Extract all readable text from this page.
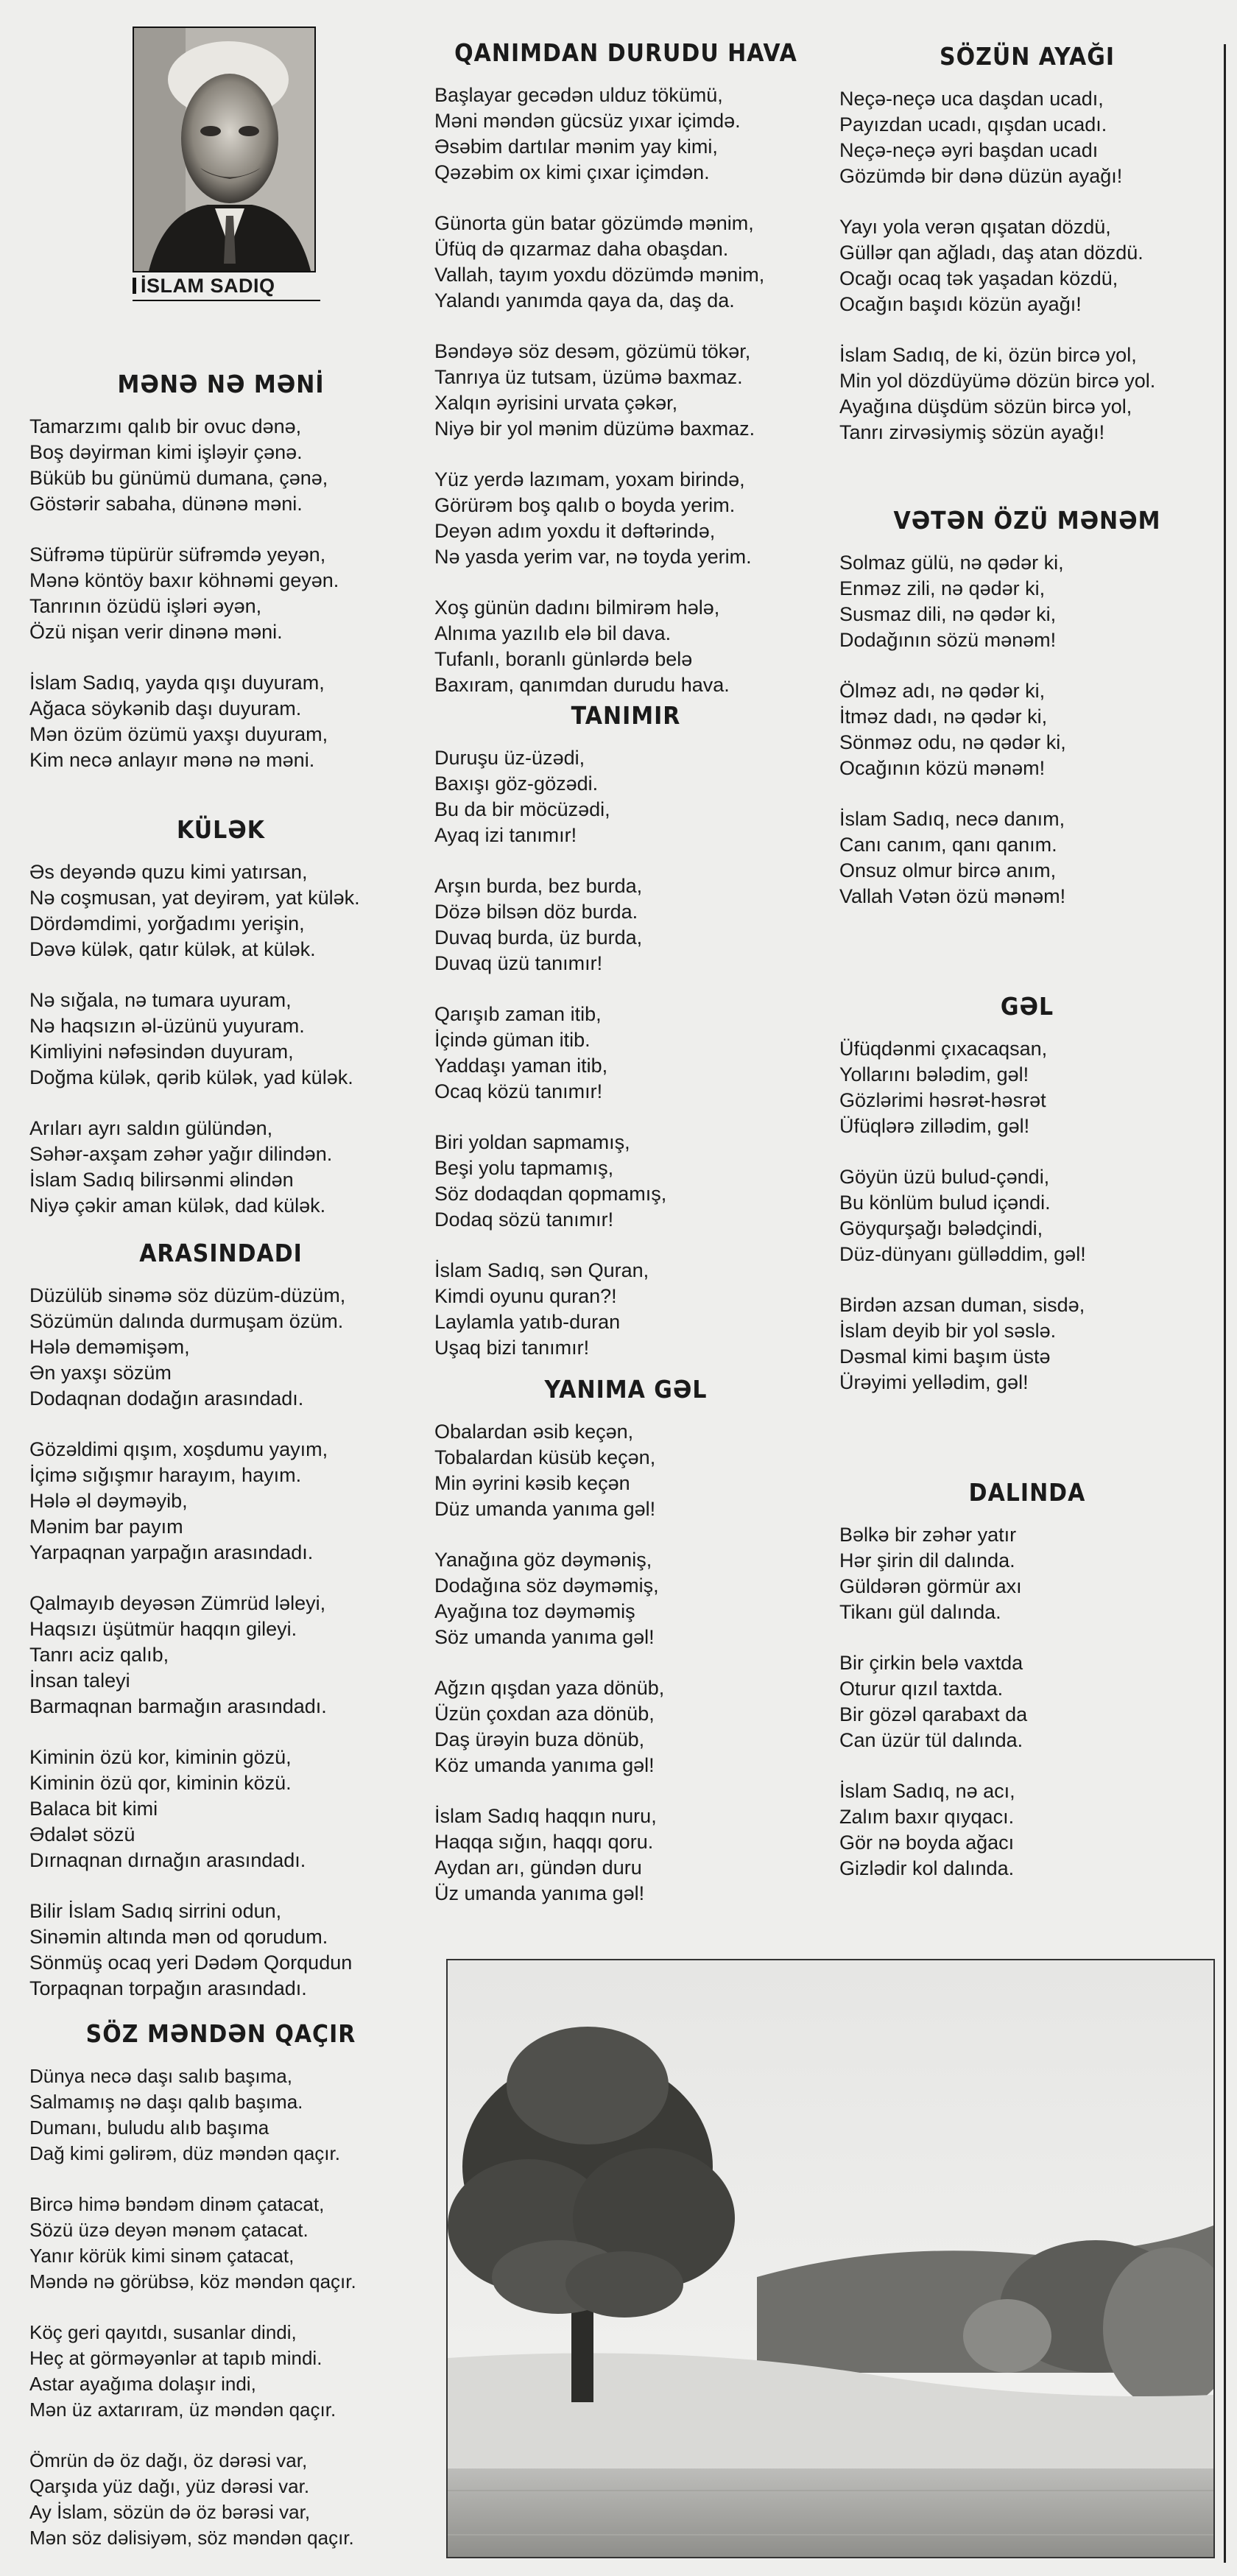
İSLAM SADIQ
MƏNƏ NƏ MƏNİ
Tamarzımı qalıb bir ovuc dənə,
Boş dəyirman kimi işləyir çənə.
Büküb bu günümü dumana, çənə,
Göstərir sabaha, dünənə məni.
Süfrəmə tüpürür süfrəmdə yeyən,
Mənə köntöy baxır köhnəmi geyən.
Tanrının özüdü işləri əyən,
Özü nişan verir dinənə məni.
İslam Sadıq, yayda qışı duyuram,
Ağaca söykənib daşı duyuram.
Mən özüm özümü yaxşı duyuram,
Kim necə anlayır mənə nə məni.
KÜLƏK
Əs deyəndə quzu kimi yatırsan,
Nə coşmusan, yat deyirəm, yat külək.
Dördəmdimi, yorğadımı yerişin,
Dəvə külək, qatır külək, at külək.
Nə sığala, nə tumara uyuram,
Nə haqsızın əl-üzünü yuyuram.
Kimliyini nəfəsindən duyuram,
Doğma külək, qərib külək, yad külək.
Arıları ayrı saldın gülündən,
Səhər-axşam zəhər yağır dilindən.
İslam Sadıq bilirsənmi əlindən
Niyə çəkir aman külək, dad külək.
ARASINDADI
Düzülüb sinəmə söz düzüm-düzüm,
Sözümün dalında durmuşam özüm.
Hələ deməmişəm,
Ən yaxşı sözüm
Dodaqnan dodağın arasındadı.
Gözəldimi qışım, xoşdumu yayım,
İçimə sığışmır harayım, hayım.
Hələ əl dəyməyib,
Mənim bar payım
Yarpaqnan yarpağın arasındadı.
Qalmayıb deyəsən Zümrüd ləleyi,
Haqsızı üşütmür haqqın gileyi.
Tanrı aciz qalıb,
İnsan taleyi
Barmaqnan barmağın arasındadı.
Kiminin özü kor, kiminin gözü,
Kiminin özü qor, kiminin közü.
Balaca bit kimi
Ədalət sözü
Dırnaqnan dırnağın arasındadı.
Bilir İslam Sadıq sirrini odun,
Sinəmin altında mən od qorudum.
Sönmüş ocaq yeri Dədəm Qorqudun
Torpaqnan torpağın arasındadı.
SÖZ MƏNDƏN QAÇIR
Dünya necə daşı salıb başıma,
Salmamış nə daşı qalıb başıma.
Dumanı, buludu alıb başıma
Dağ kimi gəlirəm, düz məndən qaçır.
Bircə himə bəndəm dinəm çatacat,
Sözü üzə deyən mənəm çatacat.
Yanır körük kimi sinəm çatacat,
Məndə nə görübsə, köz məndən qaçır.
Köç geri qayıtdı, susanlar dindi,
Heç at görməyənlər at tapıb mindi.
Astar ayağıma dolaşır indi,
Mən üz axtarıram, üz məndən qaçır.
Ömrün də öz dağı, öz dərəsi var,
Qarşıda yüz dağı, yüz dərəsi var.
Ay İslam, sözün də öz bərəsi var,
Mən söz dəlisiyəm, söz məndən qaçır.
QANIMDAN DURUDU HAVA
Başlayar gecədən ulduz tökümü,
Məni məndən gücsüz yıxar içimdə.
Əsəbim dartılar mənim yay kimi,
Qəzəbim ox kimi çıxar içimdən.
Günorta gün batar gözümdə mənim,
Üfüq də qızarmaz daha obaşdan.
Vallah, tayım yoxdu dözümdə mənim,
Yalandı yanımda qaya da, daş da.
Bəndəyə söz desəm, gözümü tökər,
Tanrıya üz tutsam, üzümə baxmaz.
Xalqın əyrisini urvata çəkər,
Niyə bir yol mənim düzümə baxmaz.
Yüz yerdə lazımam, yoxam birində,
Görürəm boş qalıb o boyda yerim.
Deyən adım yoxdu it dəftərində,
Nə yasda yerim var, nə toyda yerim.
Xoş günün dadını bilmirəm hələ,
Alnıma yazılıb elə bil dava.
Tufanlı, boranlı günlərdə belə
Baxıram, qanımdan durudu hava.
TANIMIR
Duruşu üz-üzədi,
Baxışı göz-gözədi.
Bu da bir möcüzədi,
Ayaq izi tanımır!
Arşın burda, bez burda,
Dözə bilsən döz burda.
Duvaq burda, üz burda,
Duvaq üzü tanımır!
Qarışıb zaman itib,
İçində güman itib.
Yaddaşı yaman itib,
Ocaq közü tanımır!
Biri yoldan sapmamış,
Beşi yolu tapmamış,
Söz dodaqdan qopmamış,
Dodaq sözü tanımır!
İslam Sadıq, sən Quran,
Kimdi oyunu quran?!
Laylamla yatıb-duran
Uşaq bizi tanımır!
YANIMA GƏL
Obalardan əsib keçən,
Tobalardan küsüb keçən,
Min əyrini kəsib keçən
Düz umanda yanıma gəl!
Yanağına göz dəyməniş,
Dodağına söz dəyməmiş,
Ayağına toz dəyməmiş
Söz umanda yanıma gəl!
Ağzın qışdan yaza dönüb,
Üzün çoxdan aza dönüb,
Daş ürəyin buza dönüb,
Köz umanda yanıma gəl!
İslam Sadıq haqqın nuru,
Haqqa sığın, haqqı qoru.
Aydan arı, gündən duru
Üz umanda yanıma gəl!
SÖZÜN AYAĞI
Neçə-neçə uca daşdan ucadı,
Payızdan ucadı, qışdan ucadı.
Neçə-neçə əyri başdan ucadı
Gözümdə bir dənə düzün ayağı!
Yayı yola verən qışatan dözdü,
Güllər qan ağladı, daş atan dözdü.
Ocağı ocaq tək yaşadan közdü,
Ocağın başıdı közün ayağı!
İslam Sadıq, de ki, özün bircə yol,
Min yol dözdüyümə dözün bircə yol.
Ayağına düşdüm sözün bircə yol,
Tanrı zirvəsiymiş sözün ayağı!
VƏTƏN ÖZÜ MƏNƏM
Solmaz gülü, nə qədər ki,
Enməz zili, nə qədər ki,
Susmaz dili, nə qədər ki,
Dodağının sözü mənəm!
Ölməz adı, nə qədər ki,
İtməz dadı, nə qədər ki,
Sönməz odu, nə qədər ki,
Ocağının közü mənəm!
İslam Sadıq, necə danım,
Canı canım, qanı qanım.
Onsuz olmur bircə anım,
Vallah Vətən özü mənəm!
GƏL
Üfüqdənmi çıxacaqsan,
Yollarını bələdim, gəl!
Gözlərimi həsrət-həsrət
Üfüqlərə zillədim, gəl!
Göyün üzü bulud-çəndi,
Bu könlüm bulud içəndi.
Göyqurşağı bələdçindi,
Düz-dünyanı gülləddim, gəl!
Birdən azsan duman, sisdə,
İslam deyib bir yol səslə.
Dəsmal kimi başım üstə
Ürəyimi yellədim, gəl!
DALINDA
Bəlkə bir zəhər yatır
Hər şirin dil dalında.
Güldərən görmür axı
Tikanı gül dalında.
Bir çirkin belə vaxtda
Oturur qızıl taxtda.
Bir gözəl qarabaxt da
Can üzür tül dalında.
İslam Sadıq, nə acı,
Zalım baxır qıyqacı.
Gör nə boyda ağacı
Gizlədir kol dalında.
